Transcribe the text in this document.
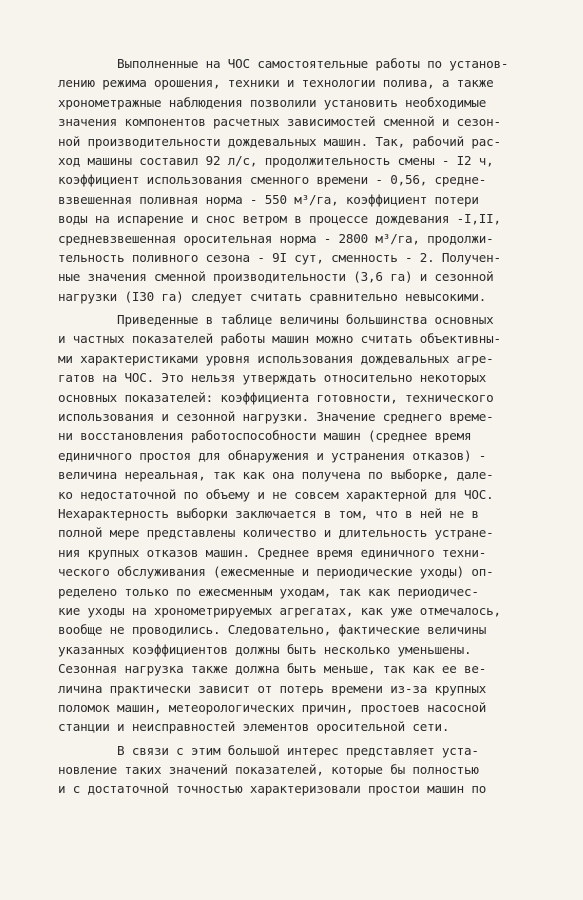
Выполненные на ЧОС самостоятельные работы по установ-
лению режима орошения, техники и технологии полива, а также
хронометражные наблюдения позволили установить необходимые
значения компонентов расчетных зависимостей сменной и сезон-
ной производительности дождевальных машин. Так, рабочий рас-
ход машины составил 92 л/с, продолжительность смены - I2 ч,
коэффициент использования сменного времени - 0,56, средне-
взвешенная поливная норма - 550 м³/га, коэффициент потери
воды на испарение и снос ветром в процессе дождевания -I,II,
средневзвешенная оросительная норма - 2800 м³/га, продолжи-
тельность поливного сезона - 9I сут, сменность - 2. Получен-
ные значения сменной производительности (3,6 га) и сезонной
нагрузки (I30 га) следует считать сравнительно невысокими.
Приведенные в таблице величины большинства основных
и частных показателей работы машин можно считать объективны-
ми характеристиками уровня использования дождевальных агре-
гатов на ЧОС. Это нельзя утверждать относительно некоторых
основных показателей: коэффициента готовности, технического
использования и сезонной нагрузки. Значение среднего време-
ни восстановления работоспособности машин (среднее время
единичного простоя для обнаружения и устранения отказов) -
величина нереальная, так как она получена по выборке, дале-
ко недостаточной по объему и не совсем характерной для ЧОС.
Нехарактерность выборки заключается в том, что в ней не в
полной мере представлены количество и длительность устране-
ния крупных отказов машин. Среднее время единичного техни-
ческого обслуживания (ежесменные и периодические уходы) оп-
ределено только по ежесменным уходам, так как периодичес-
кие уходы на хронометрируемых агрегатах, как уже отмечалось,
вообще не проводились. Следовательно, фактические величины
указанных коэффициентов должны быть несколько уменьшены.
Сезонная нагрузка также должна быть меньше, так как ее ве-
личина практически зависит от потерь времени из-за крупных
поломок машин, метеорологических причин, простоев насосной
станции и неисправностей элементов оросительной сети.
В связи с этим большой интерес представляет уста-
новление таких значений показателей, которые бы полностью
и с достаточной точностью характеризовали простои машин по
